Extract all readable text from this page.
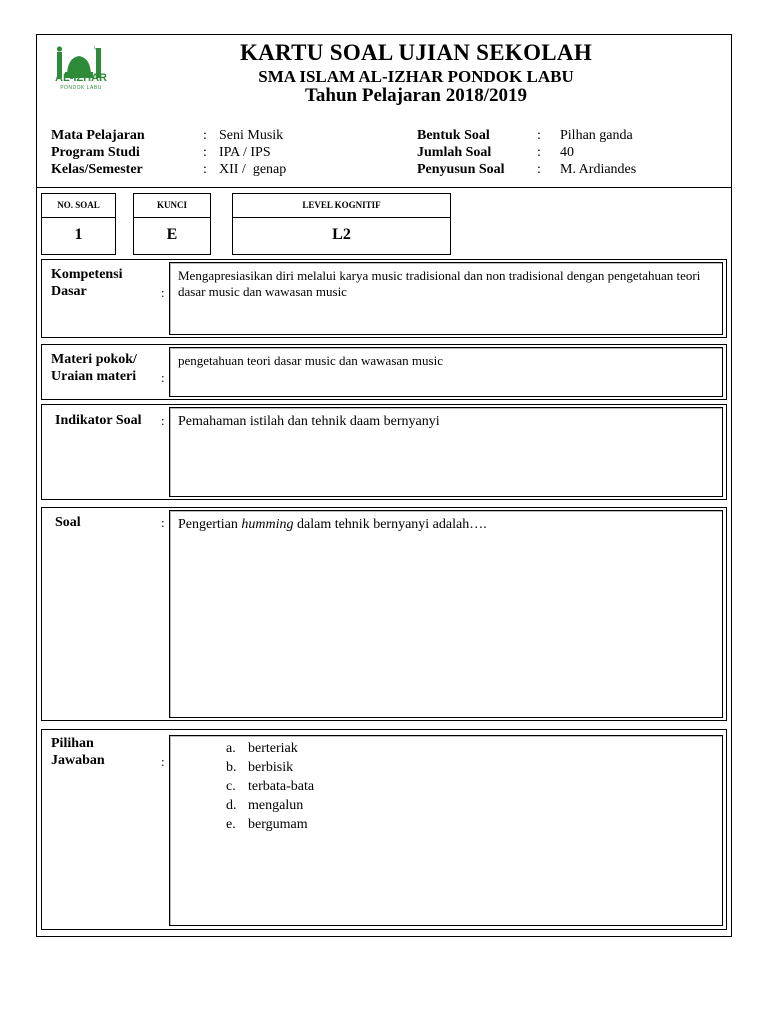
AL-IZHAR
PONDOK LABU
KARTU SOAL UJIAN SEKOLAH
SMA ISLAM AL-IZHAR PONDOK LABU
Tahun Pelajaran 2018/2019
Mata Pelajaran	: Seni Musik
Program Studi	: IPA / IPS
Kelas/Semester	: XII /  genap
Bentuk Soal	: Pilhan ganda
Jumlah Soal	: 40
Penyusun Soal : M. Ardiandes
NO. SOAL
1
KUNCI
E
LEVEL KOGNITIF
L2
Kompetensi
Dasar	:
Mengapresiasikan diri melalui karya music tradisional dan non tradisional dengan pengetahuan teori dasar music dan wawasan music
Materi pokok/
Uraian materi :
pengetahuan teori dasar music dan wawasan music
Indikator Soal : Pemahaman istilah dan tehnik daam bernyanyi
Soal	: Pengertian humming dalam tehnik bernyanyi adalah….
Pilihan
Jawaban	:
a. berteriak
b. berbisik
c. terbata-bata
d. mengalun
e. bergumam
